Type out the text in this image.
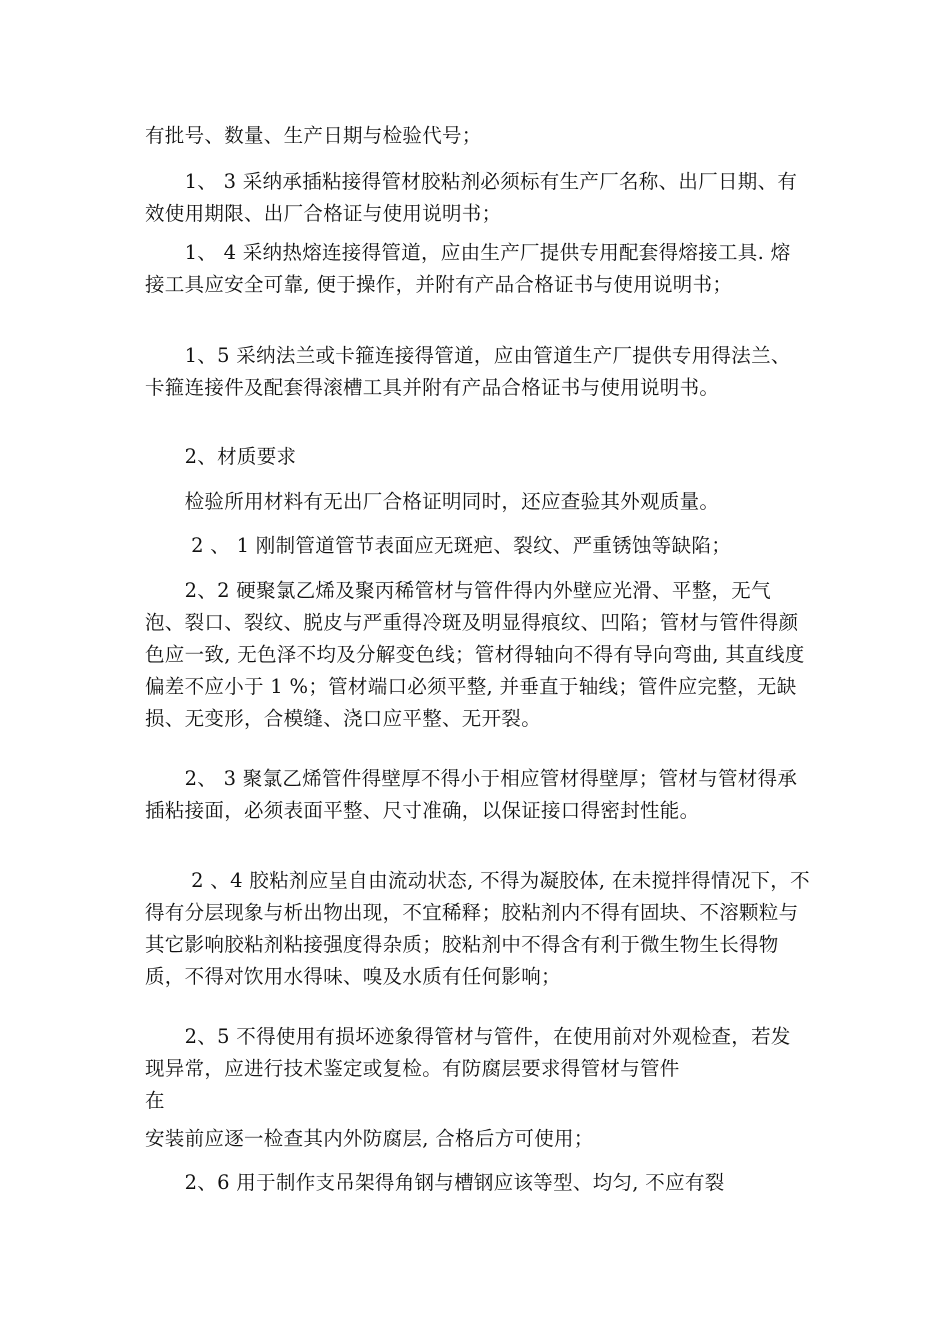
有批号、数量、生产日期与检验代号；

　　1、 3 采纳承插粘接得管材胶粘剂必须标有生产厂名称、出厂日期、有效使用期限、出厂合格证与使用说明书；

　　1、 4 采纳热熔连接得管道，应由生产厂提供专用配套得熔接工具. 熔接工具应安全可靠, 便于操作，并附有产品合格证书与使用说明书；

　　1、5 采纳法兰或卡箍连接得管道，应由管道生产厂提供专用得法兰、卡箍连接件及配套得滚槽工具并附有产品合格证书与使用说明书。

　　2、材质要求

　　检验所用材料有无出厂合格证明同时，还应查验其外观质量。

　　 2 、 1 刚制管道管节表面应无斑疤、裂纹、严重锈蚀等缺陷；

　　2、2 硬聚氯乙烯及聚丙稀管材与管件得内外壁应光滑、平整，无气泡、裂口、裂纹、脱皮与严重得冷斑及明显得痕纹、凹陷；管材与管件得颜色应一致, 无色泽不均及分解变色线；管材得轴向不得有导向弯曲, 其直线度偏差不应小于 1 %；管材端口必须平整, 并垂直于轴线；管件应完整，无缺损、无变形，合模缝、浇口应平整、无开裂。

　　2、 3 聚氯乙烯管件得壁厚不得小于相应管材得壁厚；管材与管材得承插粘接面，必须表面平整、尺寸准确，以保证接口得密封性能。

　　 2 、4 胶粘剂应呈自由流动状态, 不得为凝胶体, 在未搅拌得情况下，不得有分层现象与析出物出现，不宜稀释；胶粘剂内不得有固块、不溶颗粒与其它影响胶粘剂粘接强度得杂质；胶粘剂中不得含有利于微生物生长得物质，不得对饮用水得味、嗅及水质有任何影响；

　　2、5 不得使用有损坏迹象得管材与管件，在使用前对外观检查，若发现异常，应进行技术鉴定或复检。有防腐层要求得管材与管件
在

安装前应逐一检查其内外防腐层, 合格后方可使用；

　　2、6 用于制作支吊架得角钢与槽钢应该等型、均匀, 不应有裂
